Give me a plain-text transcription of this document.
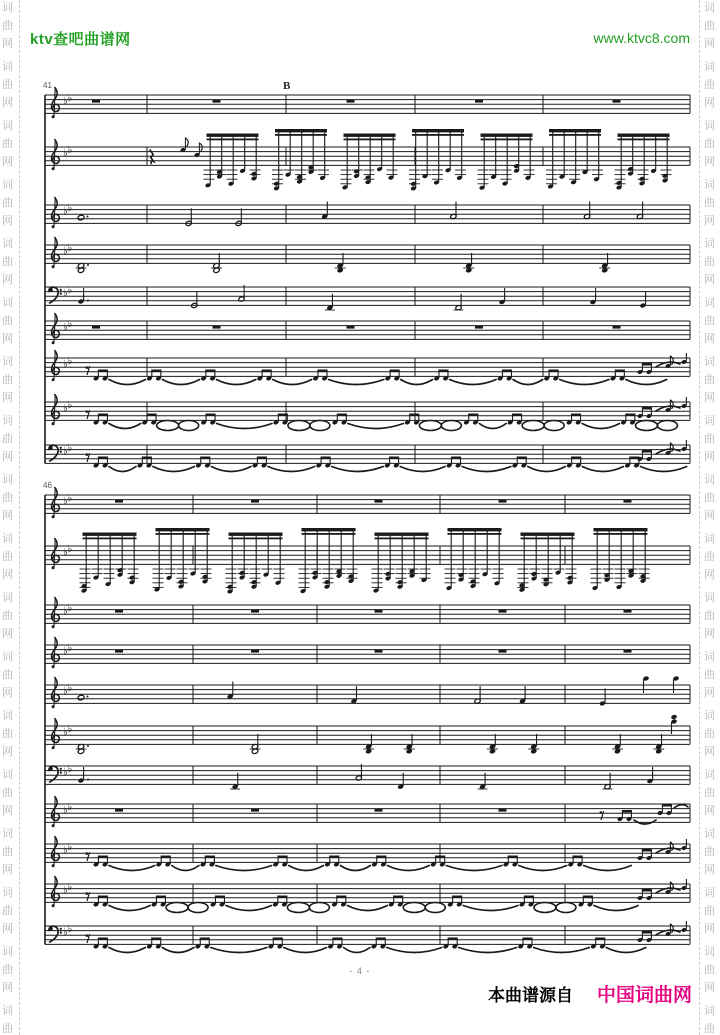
词
曲
网
词
曲
网
词
曲
网
词
曲
网
词
曲
网
词
曲
网
词
曲
网
词
曲
网
词
曲
网
词
曲
网
词
曲
网
词
曲
网
词
曲
网
词
曲
网
词
曲
网
词
曲
网
词
曲
网
词
曲
词
曲
网
词
曲
网
词
曲
网
词
曲
网
词
曲
网
词
曲
网
词
曲
网
词
曲
网
词
曲
网
词
曲
网
词
曲
网
词
曲
网
词
曲
网
词
曲
网
词
曲
网
词
曲
网
词
曲
网
词
曲
ktv查吧曲谱网	www.ktvc8.com
41	B
♭ ♭
♭ ♭
♭ ♭
♭ ♭
♭ ♭
♭ ♭
♭ ♭
♭ ♭
♭ ♭
46
♭ ♭
♭ ♭
♭ ♭
♭ ♭
♭ ♭
♭ ♭
♭ ♭
♭ ♭
♭ ♭
♭ ♭
♭ ♭
- 4 -
本曲谱源自 中国词曲网
